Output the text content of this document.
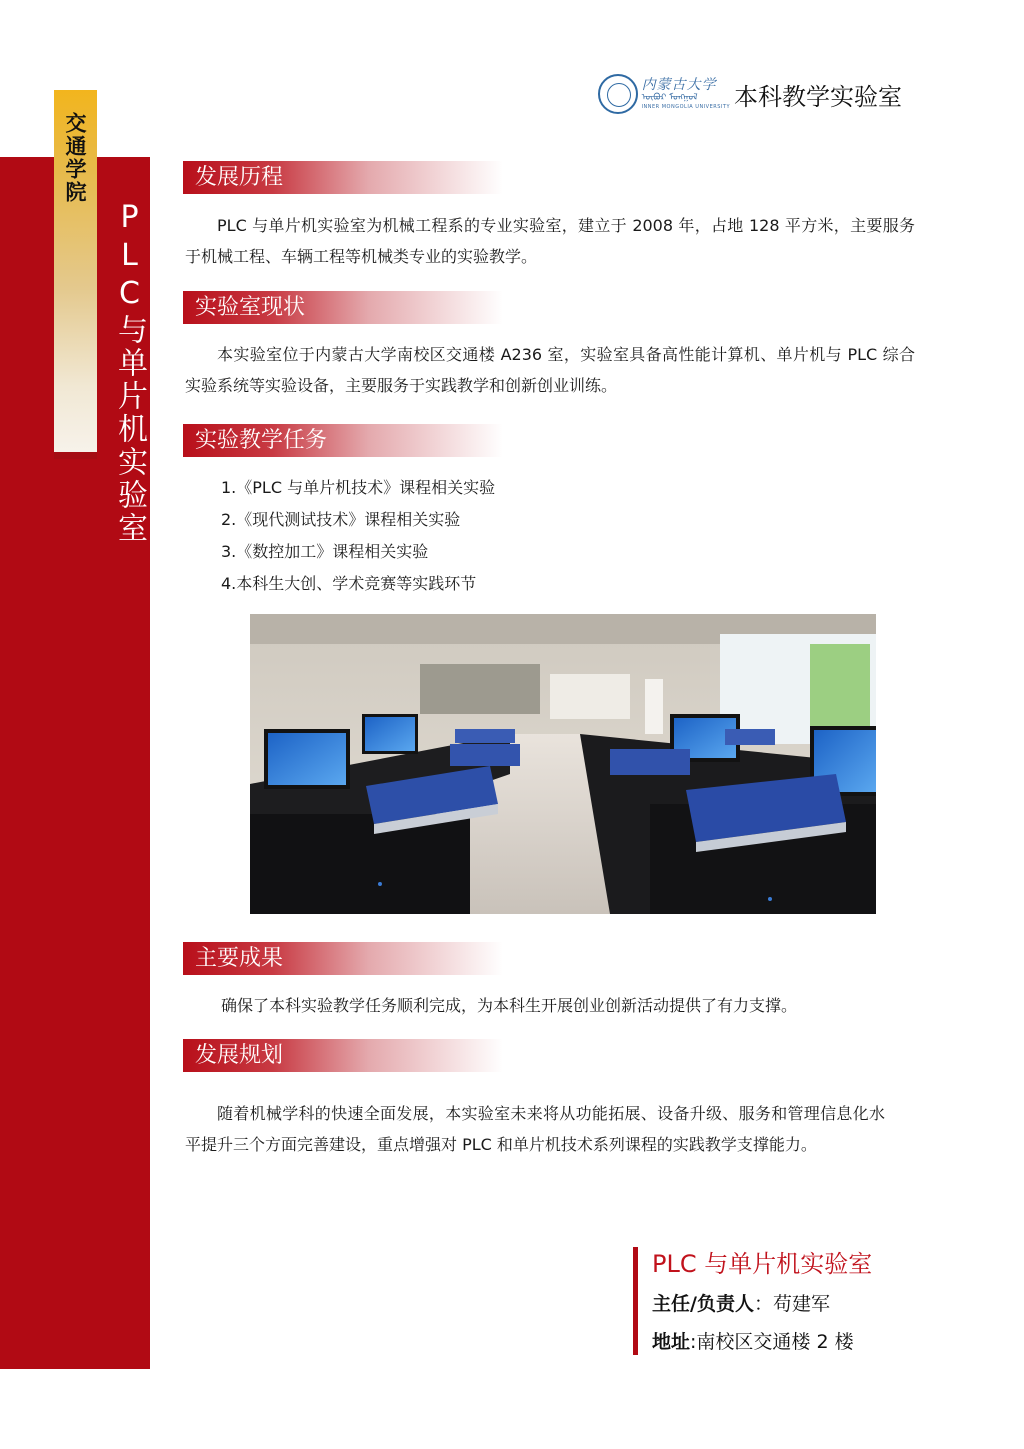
内蒙古大学
ᠦᠪᠦᠷ ᠮᠣᠩᠭᠣᠯ
INNER MONGOLIA UNIVERSITY 本科教学实验室
PLC与单片机实验室
交通学院	发展历程
PLC 与单片机实验室为机械工程系的专业实验室，建立于 2008 年，占地 128 平方米，主要服务于机械工程、车辆工程等机械类专业的实验教学。
实验室现状
本实验室位于内蒙古大学南校区交通楼 A236 室，实验室具备高性能计算机、单片机与 PLC 综合实验系统等实验设备，主要服务于实践教学和创新创业训练。
实验教学任务
1.《PLC 与单片机技术》课程相关实验
2.《现代测试技术》课程相关实验
3.《数控加工》课程相关实验
4.本科生大创、学术竞赛等实践环节
主要成果
确保了本科实验教学任务顺利完成，为本科生开展创业创新活动提供了有力支撑。
发展规划
随着机械学科的快速全面发展，本实验室未来将从功能拓展、设备升级、服务和管理信息化水平提升三个方面完善建设，重点增强对 PLC 和单片机技术系列课程的实践教学支撑能力。
PLC 与单片机实验室
主任/负责人：苟建军
地址:南校区交通楼 2 楼
